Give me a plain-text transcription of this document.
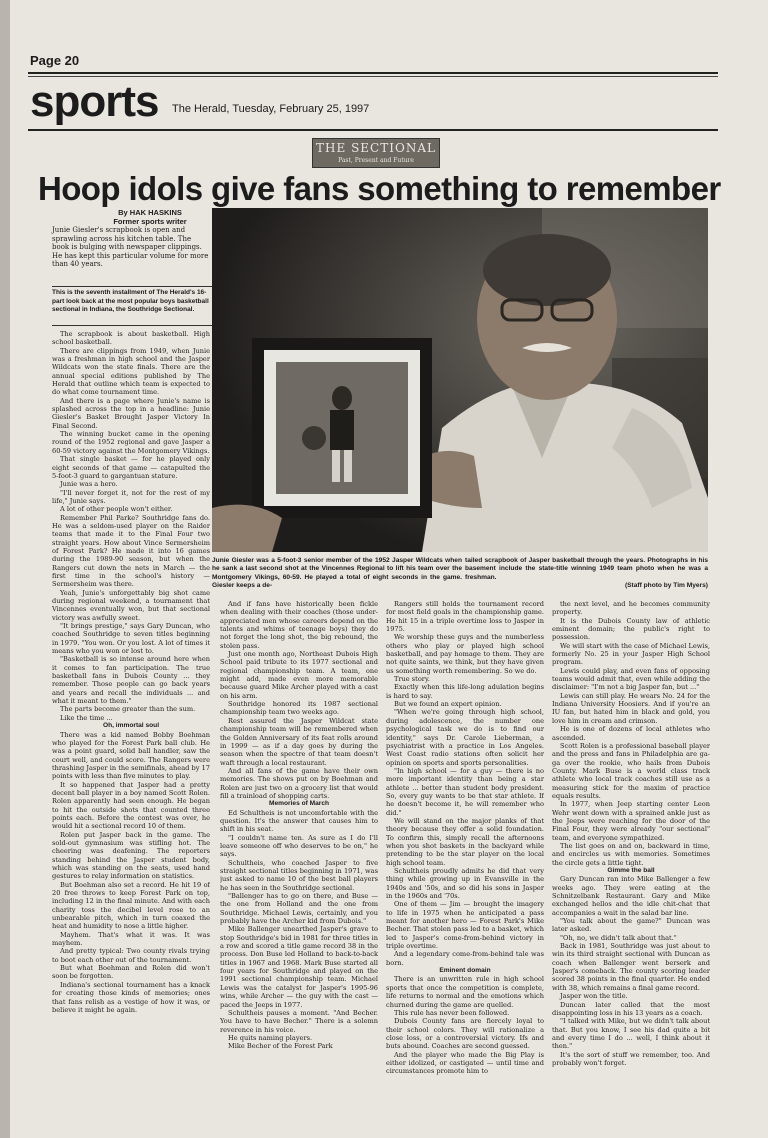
Page 20
sports The Herald, Tuesday, February 25, 1997
THE SECTIONAL
Past, Present and Future
Hoop idols give fans something to remember
By HAK HASKINS
Former sports writer

Junie Giesler's scrapbook is open and sprawling across his kitchen table. The book is bulging with newspaper clippings. He has kept this particular volume for more than 40 years.

This is the seventh installment of The Herald's 16-part look back at the most popular boys basketball sectional in Indiana, the Southridge Sectional.

The scrapbook is about basketball. High school basketball.

There are clippings from 1949, when Junie was a freshman in high school and the Jasper Wildcats won the state finals. There are the annual special editions published by The Herald that outline which team is expected to do what come tournament time.

And there is a page where Junie's name is splashed across the top in a headline: Junie Giesler's Basket Brought Jasper Victory In Final Second.

The winning bucket came in the opening round of the 1952 regional and gave Jasper a 60-59 victory against the Montgomery Vikings.

That single basket — for he played only eight seconds of that game — catapulted the 5-foot-3 guard to gargantuan stature.

Junie was a hero.

"I'll never forget it, not for the rest of my life," Junie says.

A lot of other people won't either.

Remember Phil Parke? Southridge fans do. He was a seldom-used player on the Raider teams that made it to the Final Four two straight years. How about Vince Sermersheim of Forest Park? He made it into 16 games during the 1989-90 season, but when the Rangers cut down the nets in March — the first time in the school's history — Sermersheim was there.

Yeah, Junie's unforgettably big shot came during regional weekend, a tournament that Vincennes eventually won, but that sectional victory was awfully sweet.

"It brings prestige," says Gary Duncan, who coached Southridge to seven titles beginning in 1979. "You won. Or you lost. A lot of times it means who you won or lost to.

"Basketball is so intense around here when it comes to fan participation. The true basketball fans in Dubois County ... they remember. Those people can go back years and years and recall the individuals ... and what it meant to them."

The parts become greater than the sum.

Like the time ...

Oh, immortal soul

There was a kid named Bobby Boehman who played for the Forest Park ball club. He was a point guard, solid ball handler, saw the court well, and could score. The Rangers were thrashing Jasper in the semifinals, ahead by 17 points with less than five minutes to play.

It so happened that Jasper had a pretty decent ball player in a boy named Scott Rolen. Rolen apparently had seen enough. He began to hit the outside shots that counted three points each. Before the contest was over, he would hit a sectional record 10 of them.

Rolen put Jasper back in the game. The sold-out gymnasium was stifling hot. The cheering was deafening. The reporters standing behind the Jasper student body, which was standing on the seats, used hand gestures to relay information on statistics.

But Boehman also set a record. He hit 19 of 20 free throws to keep Forest Park on top, including 12 in the final minute. And with each charity toss the decibel level rose to an unbearable pitch, which in turn coaxed the heat and humidity to nose a little higher.

Mayhem. That's what it was. It was mayhem.

And pretty typical: Two county rivals trying to boot each other out of the tournament.

But what Boehman and Rolen did won't soon be forgotten.

Indiana's sectional tournament has a knack for creating those kinds of memories; ones that fans relish as a vestige of how it was, or believe it might be again.

Junie Giesler was a 5-foot-3 senior member of the 1952 Jasper Wildcats when he sank a last second shot at the Vincennes Regional to lift his team over the Montgomery Vikings, 60-59. He played a total of eight seconds in the game. Giesler keeps a de-

tailed scrapbook of Jasper basketball through the years. Photographs in his basement include the state-title winning 1949 team photo when he was a freshman.

(Staff photo by Tim Myers)

And if fans have historically been fickle when dealing with their coaches (those under-appreciated men whose careers depend on the talents and whims of teenage boys) they do not forget the long shot, the big rebound, the stolen pass.

Just one month ago, Northeast Dubois High School paid tribute to its 1977 sectional and regional championship team. A team, one might add, made even more memorable because guard Mike Archer played with a cast on his arm.

Southridge honored its 1987 sectional championship team two weeks ago.

Rest assured the Jasper Wildcat state championship team will be remembered when the Golden Anniversary of its feat rolls around in 1999 — as if a day goes by during the season when the spectre of that team doesn't waft through a local restaurant.

And all fans of the game have their own memories. The shows put on by Boehman and Rolen are just two on a grocery list that would fill a trainload of shopping carts.

Memories of March

Ed Schultheis is not uncomfortable with the question. It's the answer that causes him to shift in his seat.

"I couldn't name ten. As sure as I do I'll leave someone off who deserves to be on," he says.

Schultheis, who coached Jasper to five straight sectional titles beginning in 1971, was just asked to name 10 of the best ball players he has seen in the Southridge sectional.

"Ballenger has to go on there, and Buse — the one from Holland and the one from Southridge. Michael Lewis, certainly, and you probably have the Archer kid from Dubois."

Mike Ballenger unearthed Jasper's grave to stop Southridge's bid in 1981 for three titles in a row and scored a title game record 38 in the process. Don Buse led Holland to back-to-back titles in 1967 and 1968. Mark Buse started all four years for Southridge and played on the 1991 sectional championship team. Michael Lewis was the catalyst for Jasper's 1995-96 wins, while Archer — the guy with the cast — paced the Jeeps in 1977.

Schultheis pauses a moment. "And Becher. You have to have Becher." There is a solemn reverence in his voice.

He quits naming players.

Mike Becher of the Forest Park

Rangers still holds the tournament record for most field goals in the championship game. He hit 15 in a triple overtime loss to Jasper in 1975.

We worship these guys and the numberless others who play or played high school basketball, and pay homage to them. They are not quite saints, we think, but they have given us something worth remembering. So we do.

True story.

Exactly when this life-long adulation begins is hard to say.

But we found an expert opinion.

"When we're going through high school, during adolescence, the number one psychological task we do is to find our identity," says Dr. Carole Lieberman, a psychiatrist with a practice in Los Angeles. West Coast radio stations often solicit her opinion on sports and sports personalities.

"In high school — for a guy — there is no more important identity than being a star athlete ... better than student body president. So, every guy wants to be that star athlete. If he doesn't become it, he will remember who did."

We will stand on the major planks of that theory because they offer a solid foundation. To confirm this, simply recall the afternoons when you shot baskets in the backyard while pretending to be the star player on the local high school team.

Schultheis proudly admits he did that very thing while growing up in Evansville in the 1940s and '50s, and so did his sons in Jasper in the 1960s and '70s.

One of them — Jim — brought the imagery to life in 1975 when he anticipated a pass meant for another hero — Forest Park's Mike Becher. That stolen pass led to a basket, which led to Jasper's come-from-behind victory in triple overtime.

And a legendary come-from-behind tale was born.

Eminent domain

There is an unwritten rule in high school sports that once the competition is complete, life returns to normal and the emotions which churned during the game are quelled.

This rule has never been followed.

Dubois County fans are fiercely loyal to their school colors. They will rationalize a close loss, or a controversial victory. Ifs and buts abound. Coaches are second guessed.

And the player who made the Big Play is either idolized, or castigated — until time and circumstances promote him to

the next level, and he becomes community property.

It is the Dubois County law of athletic eminent domain; the public's right to possession.

We will start with the case of Michael Lewis, formerly No. 25 in your Jasper High School program.

Lewis could play, and even fans of opposing teams would admit that, even while adding the disclaimer: "I'm not a big Jasper fan, but ..."

Lewis can still play. He wears No. 24 for the Indiana University Hoosiers. And if you're an IU fan, but hated him in black and gold, you love him in cream and crimson.

He is one of dozens of local athletes who ascended.

Scott Rolen is a professional baseball player and the press and fans in Philadelphia are ga-ga over the rookie, who hails from Dubois County. Mark Buse is a world class track athlete who local track coaches still use as a measuring stick for the maxim of practice equals results.

In 1977, when Jeep starting center Leon Wehr went down with a sprained ankle just as the Jeeps were reaching for the door of the Final Four, they were already "our sectional" team, and everyone sympathized.

The list goes on and on, backward in time, and encircles us with memories. Sometimes the circle gets a little tight.

Gimme the ball

Gary Duncan ran into Mike Ballenger a few weeks ago. They were eating at the Schnitzelbank Restaurant. Gary and Mike exchanged hellos and the idle chit-chat that accompanies a wait in the salad bar line.

"You talk about the game?" Duncan was later asked.

"Oh, no, we didn't talk about that."

Back in 1981, Southridge was just about to win its third straight sectional with Duncan as coach when Ballenger went berserk and Jasper's comeback. The county scoring leader scored 38 points in the final quarter. He ended with 38, which remains a final game record.

Jasper won the title.

Duncan later called that the most disappointing loss in his 13 years as a coach.

"I talked with Mike, but we didn't talk about that. But you know, I see his dad quite a bit and every time I do ... well, I think about it then."

It's the sort of stuff we remember, too. And probably won't forget.
